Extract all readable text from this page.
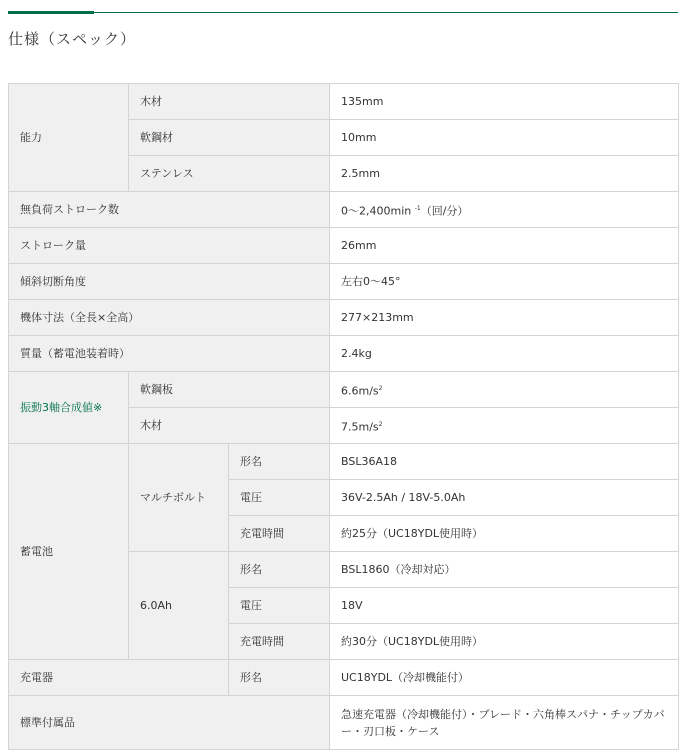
仕様（スペック）
能力	木材		135mm
	軟鋼材		10mm
	ステンレス		2.5mm
無負荷ストローク数			0〜2,400min $^{-1}$（回/分）
ストローク量			26mm
傾斜切断角度			左右0〜45°
機体寸法（全長×全高）			277×213mm
質量（蓄電池装着時）			2.4kg
振動3軸合成値※	軟鋼板		$6.6m/s^2$
	木材		$7.5m/s^2$
蓄電池	マルチボルト	形名	BSL36A18
		電圧	36V-2.5Ah / 18V-5.0Ah
		充電時間	約25分（UC18YDL使用時）
	6.0Ah	形名	BSL1860（冷却対応）
		電圧	18V
		充電時間	約30分（UC18YDL使用時）
充電器		形名	UC18YDL（冷却機能付）
標準付属品			急速充電器（冷却機能付）・ブレード・六角棒スパナ・チップカバー・刃口板・ケース
